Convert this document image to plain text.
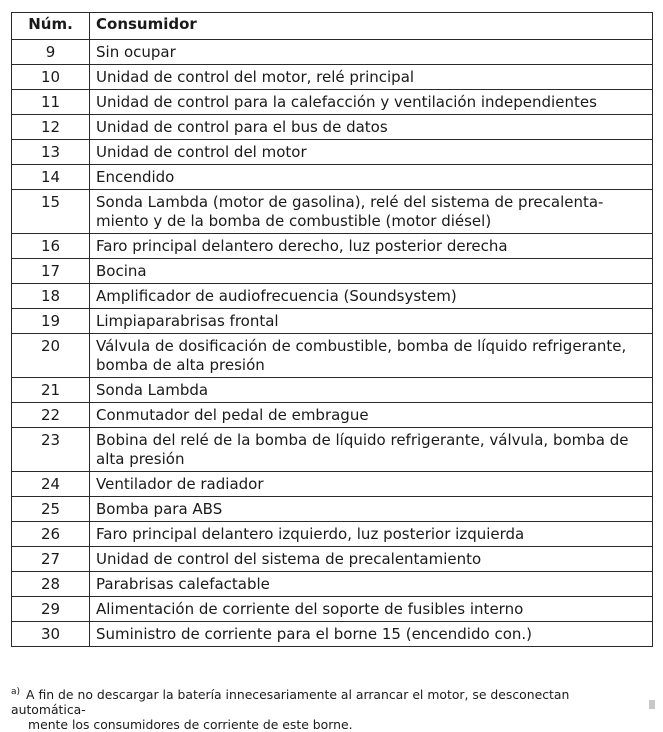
Núm.	Consumidor
9	Sin ocupar
10	Unidad de control del motor, relé principal
11	Unidad de control para la calefacción y ventilación independientes
12	Unidad de control para el bus de datos
13	Unidad de control del motor
14	Encendido
15	Sonda Lambda (motor de gasolina), relé del sistema de precalenta-
miento y de la bomba de combustible (motor diésel)
16	Faro principal delantero derecho, luz posterior derecha
17	Bocina
18	Amplificador de audiofrecuencia (Soundsystem)
19	Limpiaparabrisas frontal
20	Válvula de dosificación de combustible, bomba de líquido refrigerante,
bomba de alta presión
21	Sonda Lambda
22	Conmutador del pedal de embrague
23	Bobina del relé de la bomba de líquido refrigerante, válvula, bomba de
alta presión
24	Ventilador de radiador
25	Bomba para ABS
26	Faro principal delantero izquierdo, luz posterior izquierda
27	Unidad de control del sistema de precalentamiento
28	Parabrisas calefactable
29	Alimentación de corriente del soporte de fusibles interno
30	Suministro de corriente para el borne 15 (encendido con.)
$^{a)}$ A fin de no descargar la batería innecesariamente al arrancar el motor, se desconectan automática-
mente los consumidores de corriente de este borne.
